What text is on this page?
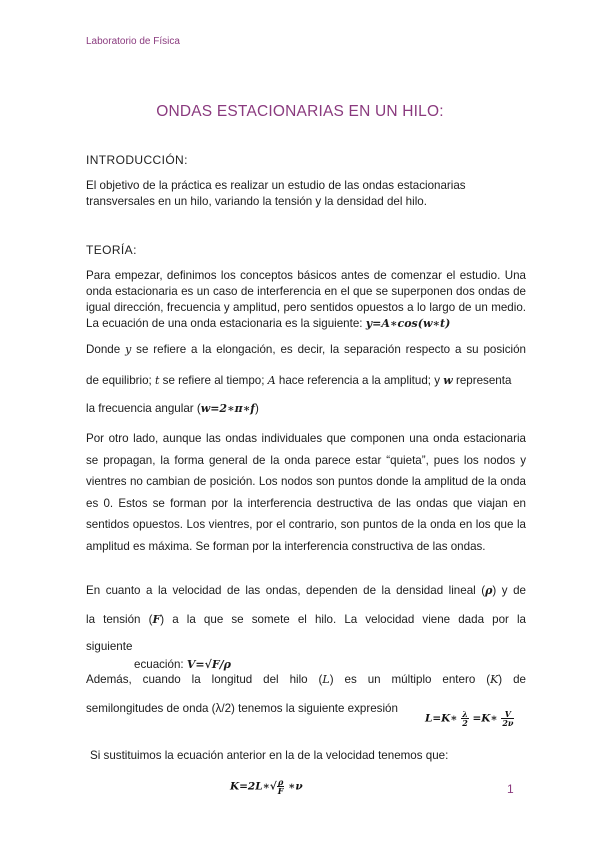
Laboratorio de Física
ONDAS ESTACIONARIAS EN UN HILO:
INTRODUCCIÓN:
El objetivo de la práctica es realizar un estudio de las ondas estacionarias transversales en un hilo, variando la tensión y la densidad del hilo.
TEORÍA:
Para empezar, definimos los conceptos básicos antes de comenzar el estudio. Una onda estacionaria es un caso de interferencia en el que se superponen dos ondas de igual dirección, frecuencia y amplitud, pero sentidos opuestos a lo largo de un medio. La ecuación de una onda estacionaria es la siguiente: y=A∗cos(w∗t)
Donde y se refiere a la elongación, es decir, la separación respecto a su posición
de equilibrio; t se refiere al tiempo; A hace referencia a la amplitud; y w representa
la frecuencia angular (w=2∗π∗f)
Por otro lado, aunque las ondas individuales que componen una onda estacionaria se propagan, la forma general de la onda parece estar “quieta”, pues los nodos y vientres no cambian de posición. Los nodos son puntos donde la amplitud de la onda es 0. Estos se forman por la interferencia destructiva de las ondas que viajan en sentidos opuestos. Los vientres, por el contrario, son puntos de la onda en los que la amplitud es máxima. Se forman por la interferencia constructiva de las ondas.
En cuanto a la velocidad de las ondas, dependen de la densidad lineal (ρ) y de
la tensión (F) a la que se somete el hilo. La velocidad viene dada por la
siguiente
ecuación: V=√F/ρ
Además, cuando la longitud del hilo (L) es un múltiplo entero (K) de
semilongitudes de onda (λ/2) tenemos la siguiente expresión
L=K∗ $\frac{\lambda}{2}$ =K∗ $\frac{V}{2\nu}$
Si sustituimos la ecuación anterior en la de la velocidad tenemos que:
K=2L∗√ $\frac{\rho}{F}$ ∗ν	1
